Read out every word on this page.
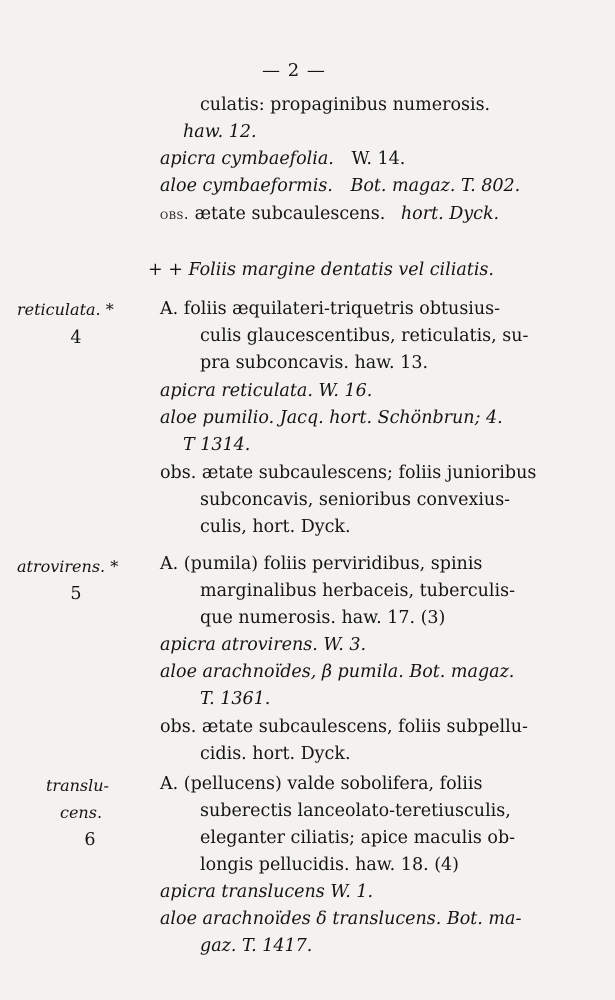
— 2 —
culatis: propaginibus numerosis.
haw. 12.
apicra cymbaefolia. W. 14.
aloe cymbaeformis. Bot. magaz. T. 802.
obs. ætate subcaulescens. hort. Dyck.
+ + Foliis margine dentatis vel ciliatis.
reticulata. *
4
A. foliis æquilateri-triquetris obtusius-
culis glaucescentibus, reticulatis, su-
pra subconcavis. haw. 13.
apicra reticulata. W. 16.
aloe pumilio. Jacq. hort. Schönbrun; 4.
T 1314.
obs. ætate subcaulescens; foliis junioribus
subconcavis, senioribus convexius-
culis, hort. Dyck.
atrovirens. *
5
A. (pumila) foliis perviridibus, spinis
marginalibus herbaceis, tuberculis-
que numerosis. haw. 17. (3)
apicra atrovirens. W. 3.
aloe arachnoïdes, β pumila. Bot. magaz.
T. 1361.
obs. ætate subcaulescens, foliis subpellu-
cidis. hort. Dyck.
translu-
cens.
6
A. (pellucens) valde sobolifera, foliis
suberectis lanceolato-teretiusculis,
eleganter ciliatis; apice maculis ob-
longis pellucidis. haw. 18. (4)
apicra translucens W. 1.
aloe arachnoïdes δ translucens. Bot. ma-
gaz. T. 1417.
